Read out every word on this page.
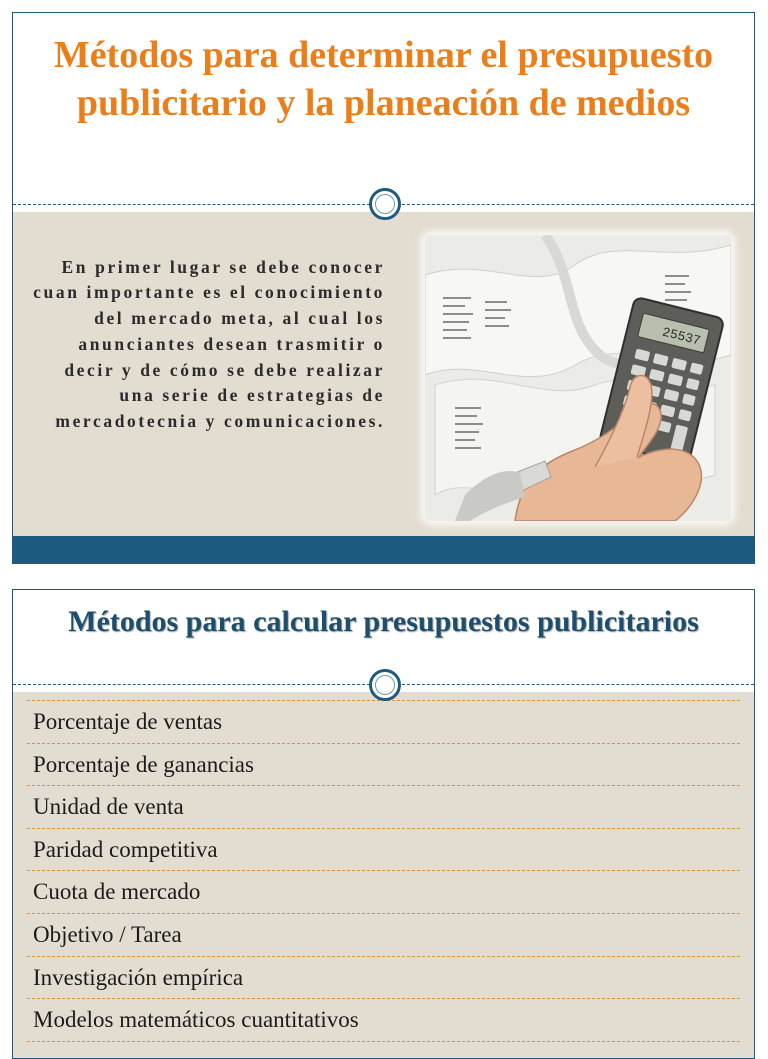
Métodos para determinar el presupuesto publicitario y la planeación de medios

En primer lugar se debe conocer cuan importante es el conocimiento del mercado meta, al cual los anunciantes desean trasmitir o decir y de cómo se debe realizar una serie de estrategias de mercadotecnia y comunicaciones.

25537
Métodos para calcular presupuestos publicitarios
Porcentaje de ventas
Porcentaje de ganancias
Unidad de venta
Paridad competitiva
Cuota de mercado
Objetivo / Tarea
Investigación empírica
Modelos matemáticos cuantitativos
